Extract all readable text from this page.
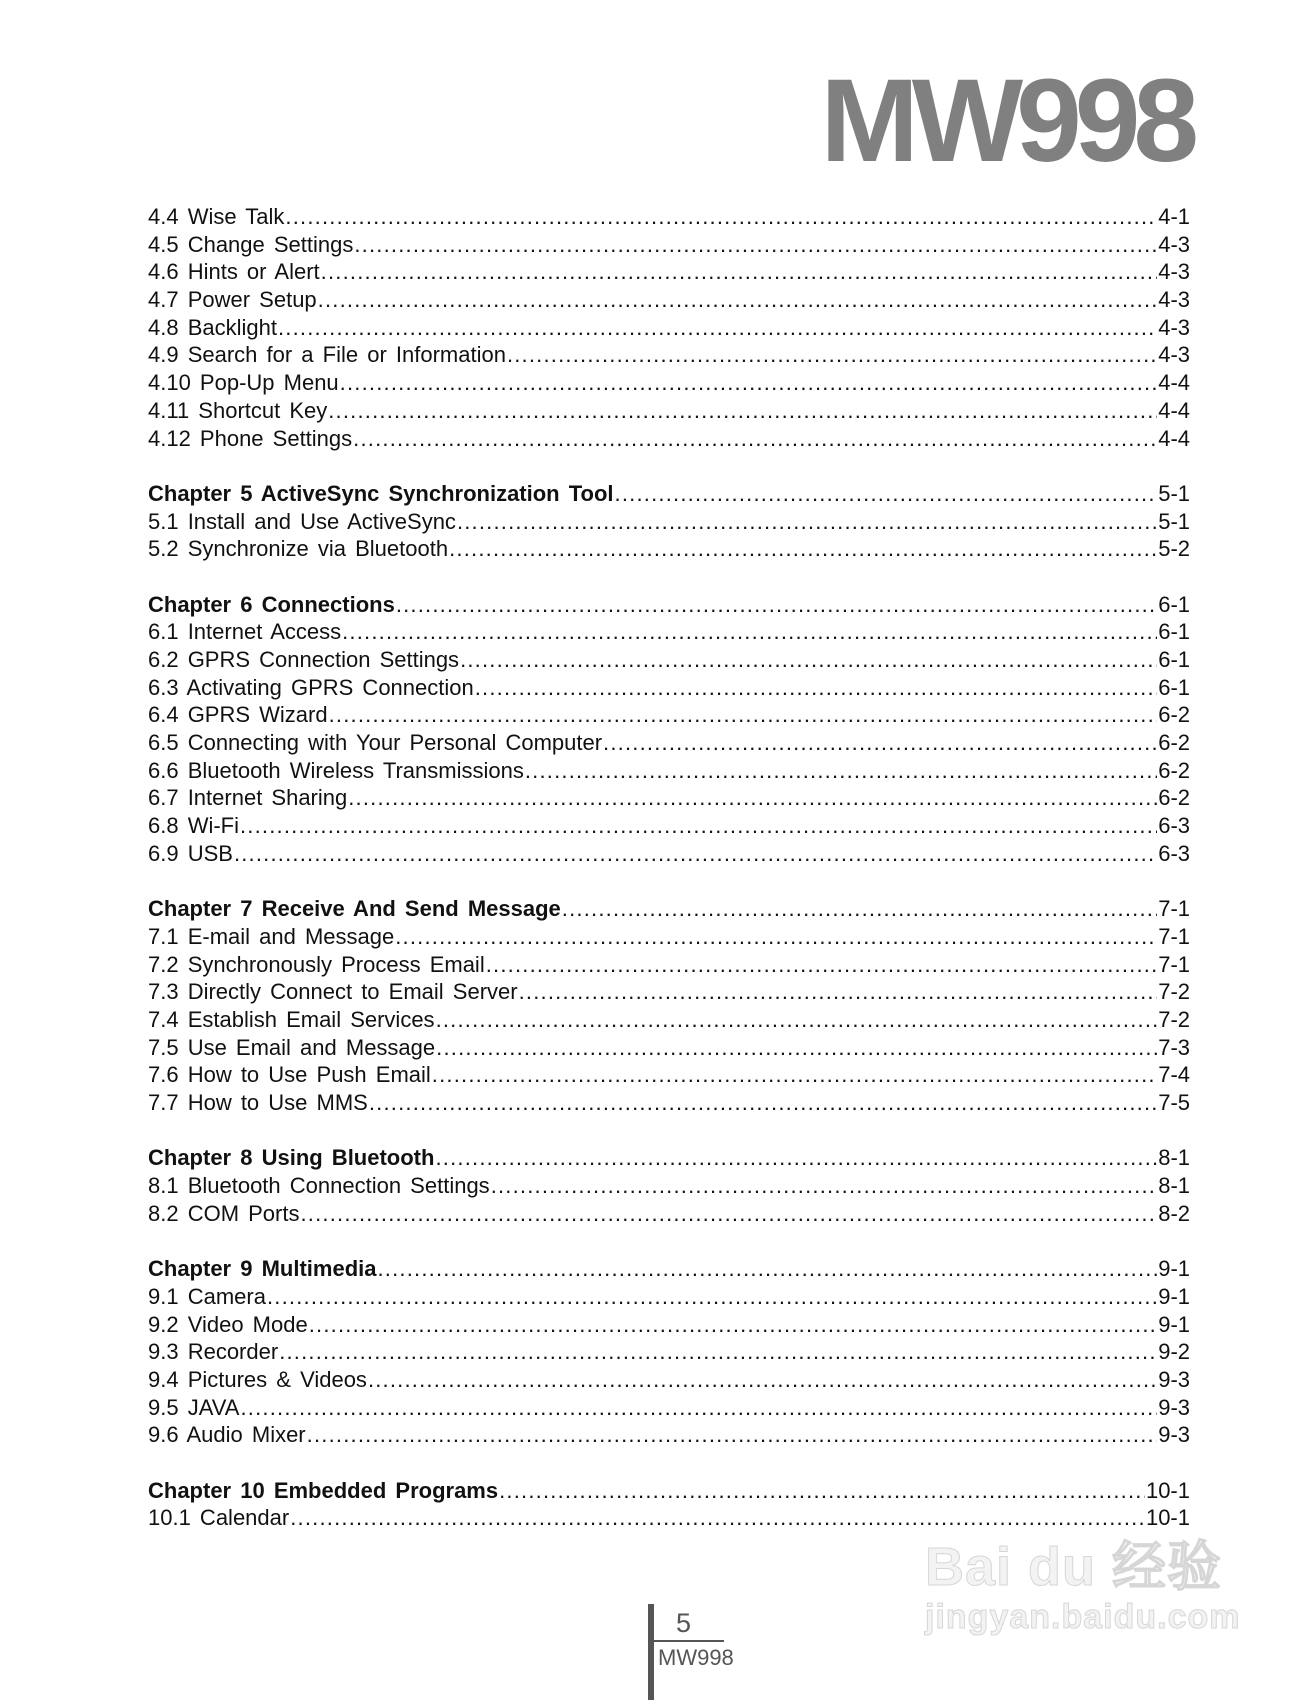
MW998
4.4 Wise Talk .....	4-1
4.5 Change Settings .....	4-3
4.6 Hints or Alert .....	4-3
4.7 Power Setup .....	4-3
4.8 Backlight .....	4-3
4.9 Search for a File or Information .....	4-3
4.10 Pop-Up Menu .....	4-4
4.11 Shortcut Key .....	4-4
4.12 Phone Settings .....	4-4
Chapter 5 ActiveSync Synchronization Tool .....	5-1
5.1 Install and Use ActiveSync .....	5-1
5.2 Synchronize via Bluetooth .....	5-2
Chapter 6 Connections .....	6-1
6.1 Internet Access .....	6-1
6.2 GPRS Connection Settings .....	6-1
6.3 Activating GPRS Connection .....	6-1
6.4 GPRS Wizard .....	6-2
6.5 Connecting with Your Personal Computer .....	6-2
6.6 Bluetooth Wireless Transmissions .....	6-2
6.7 Internet Sharing .....	6-2
6.8 Wi-Fi .....	6-3
6.9 USB .....	6-3
Chapter 7 Receive And Send Message .....	7-1
7.1 E-mail and Message .....	7-1
7.2 Synchronously Process Email .....	7-1
7.3 Directly Connect to Email Server .....	7-2
7.4 Establish Email Services .....	7-2
7.5 Use Email and Message .....	7-3
7.6 How to Use Push Email .....	7-4
7.7 How to Use MMS .....	7-5
Chapter 8 Using Bluetooth .....	8-1
8.1 Bluetooth Connection Settings .....	8-1
8.2 COM Ports .....	8-2
Chapter 9 Multimedia .....	9-1
9.1 Camera .....	9-1
9.2 Video Mode .....	9-1
9.3 Recorder .....	9-2
9.4 Pictures & Videos .....	9-3
9.5 JAVA .....	9-3
9.6 Audio Mixer .....	9-3
Chapter 10 Embedded Programs .....	10-1
10.1 Calendar .....	10-1
5
MW998
Bai du 经验
jingyan.baidu.com
